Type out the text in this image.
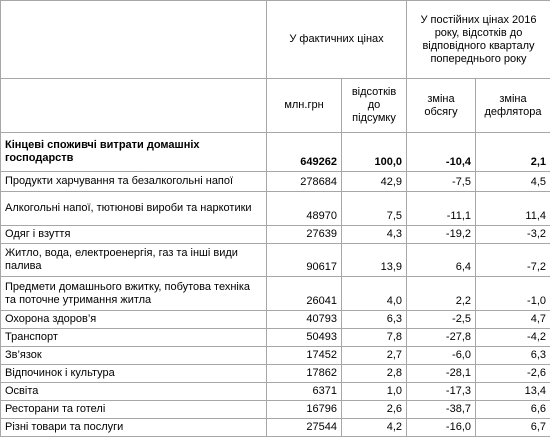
	У фактичних цінах		У постійних цінах 2016 року, відсотків до відповідного кварталу попереднього року	
	млн.грн	відсотків до підсумку	зміна обсягу	зміна дефлятора
Кінцеві споживчі витрати домашніх господарств	649262	100,0	-10,4	2,1
Продукти харчування та безалкогольні напої	278684	42,9	-7,5	4,5
Алкогольні напої, тютюнові вироби та наркотики	48970	7,5	-11,1	11,4
Одяг і взуття	27639	4,3	-19,2	-3,2
Житло, вода, електроенергія, газ та інші види палива	90617	13,9	6,4	-7,2
Предмети домашнього вжитку, побутова техніка та поточне утримання житла	26041	4,0	2,2	-1,0
Охорона здоров’я	40793	6,3	-2,5	4,7
Транспорт	50493	7,8	-27,8	-4,2
Зв’язок	17452	2,7	-6,0	6,3
Відпочинок і культура	17862	2,8	-28,1	-2,6
Освіта	6371	1,0	-17,3	13,4
Ресторани та готелі	16796	2,6	-38,7	6,6
Різні товари та послуги	27544	4,2	-16,0	6,7
